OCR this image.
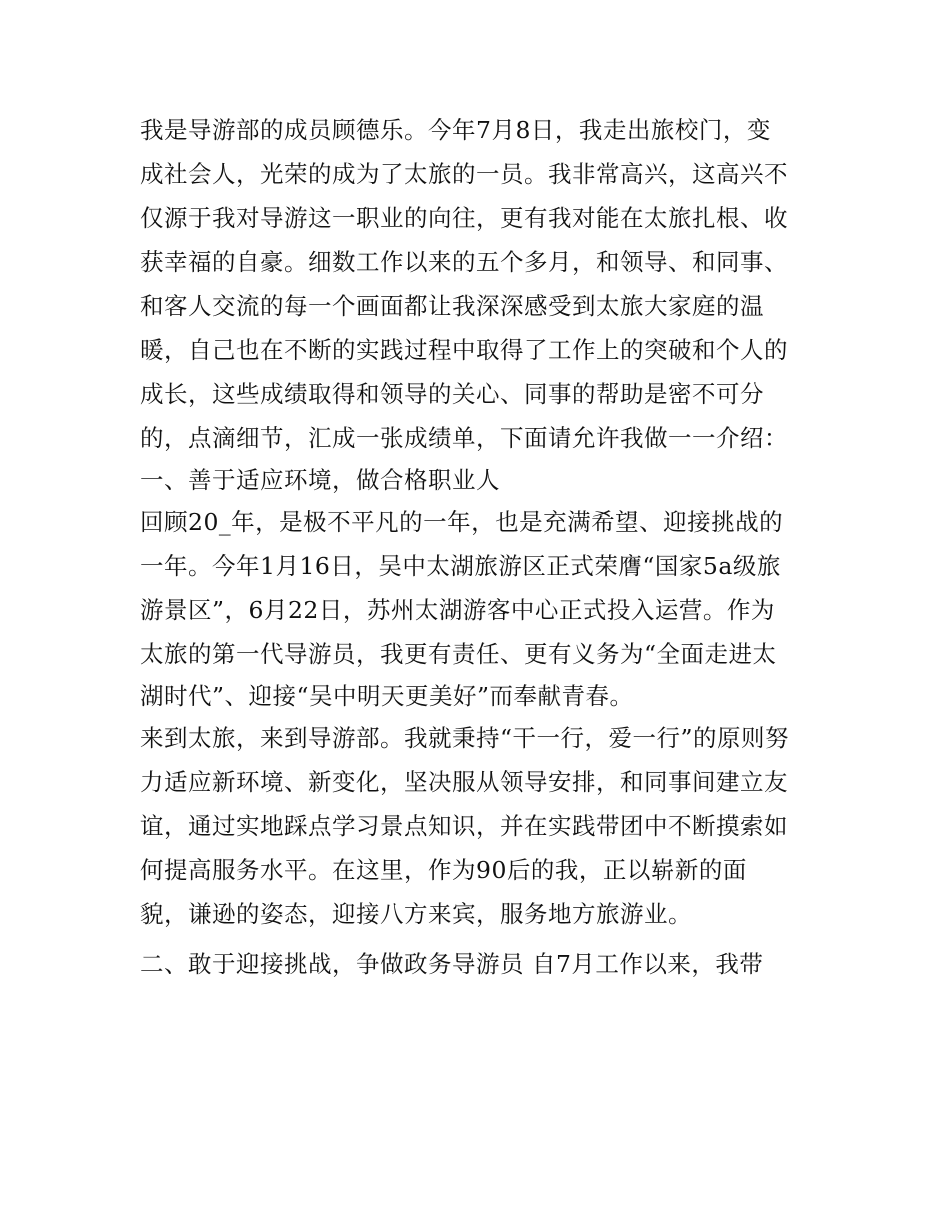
我是导游部的成员顾德乐。今年7月8日，我走出旅校门，变
成社会人，光荣的成为了太旅的一员。我非常高兴，这高兴不
仅源于我对导游这一职业的向往，更有我对能在太旅扎根、收
获幸福的自豪。细数工作以来的五个多月，和领导、和同事、
和客人交流的每一个画面都让我深深感受到太旅大家庭的温
暖，自己也在不断的实践过程中取得了工作上的突破和个人的
成长，这些成绩取得和领导的关心、同事的帮助是密不可分
的，点滴细节，汇成一张成绩单，下面请允许我做一一介绍：
一、善于适应环境，做合格职业人
回顾20_年，是极不平凡的一年，也是充满希望、迎接挑战的
一年。今年1月16日，吴中太湖旅游区正式荣膺“国家5a级旅
游景区”，6月22日，苏州太湖游客中心正式投入运营。作为
太旅的第一代导游员，我更有责任、更有义务为“全面走进太
湖时代”、迎接“吴中明天更美好”而奉献青春。
来到太旅，来到导游部。我就秉持“干一行，爱一行”的原则努
力适应新环境、新变化，坚决服从领导安排，和同事间建立友
谊，通过实地踩点学习景点知识，并在实践带团中不断摸索如
何提高服务水平。在这里，作为90后的我，正以崭新的面
貌，谦逊的姿态，迎接八方来宾，服务地方旅游业。
二、敢于迎接挑战，争做政务导游员 自7月工作以来，我带
